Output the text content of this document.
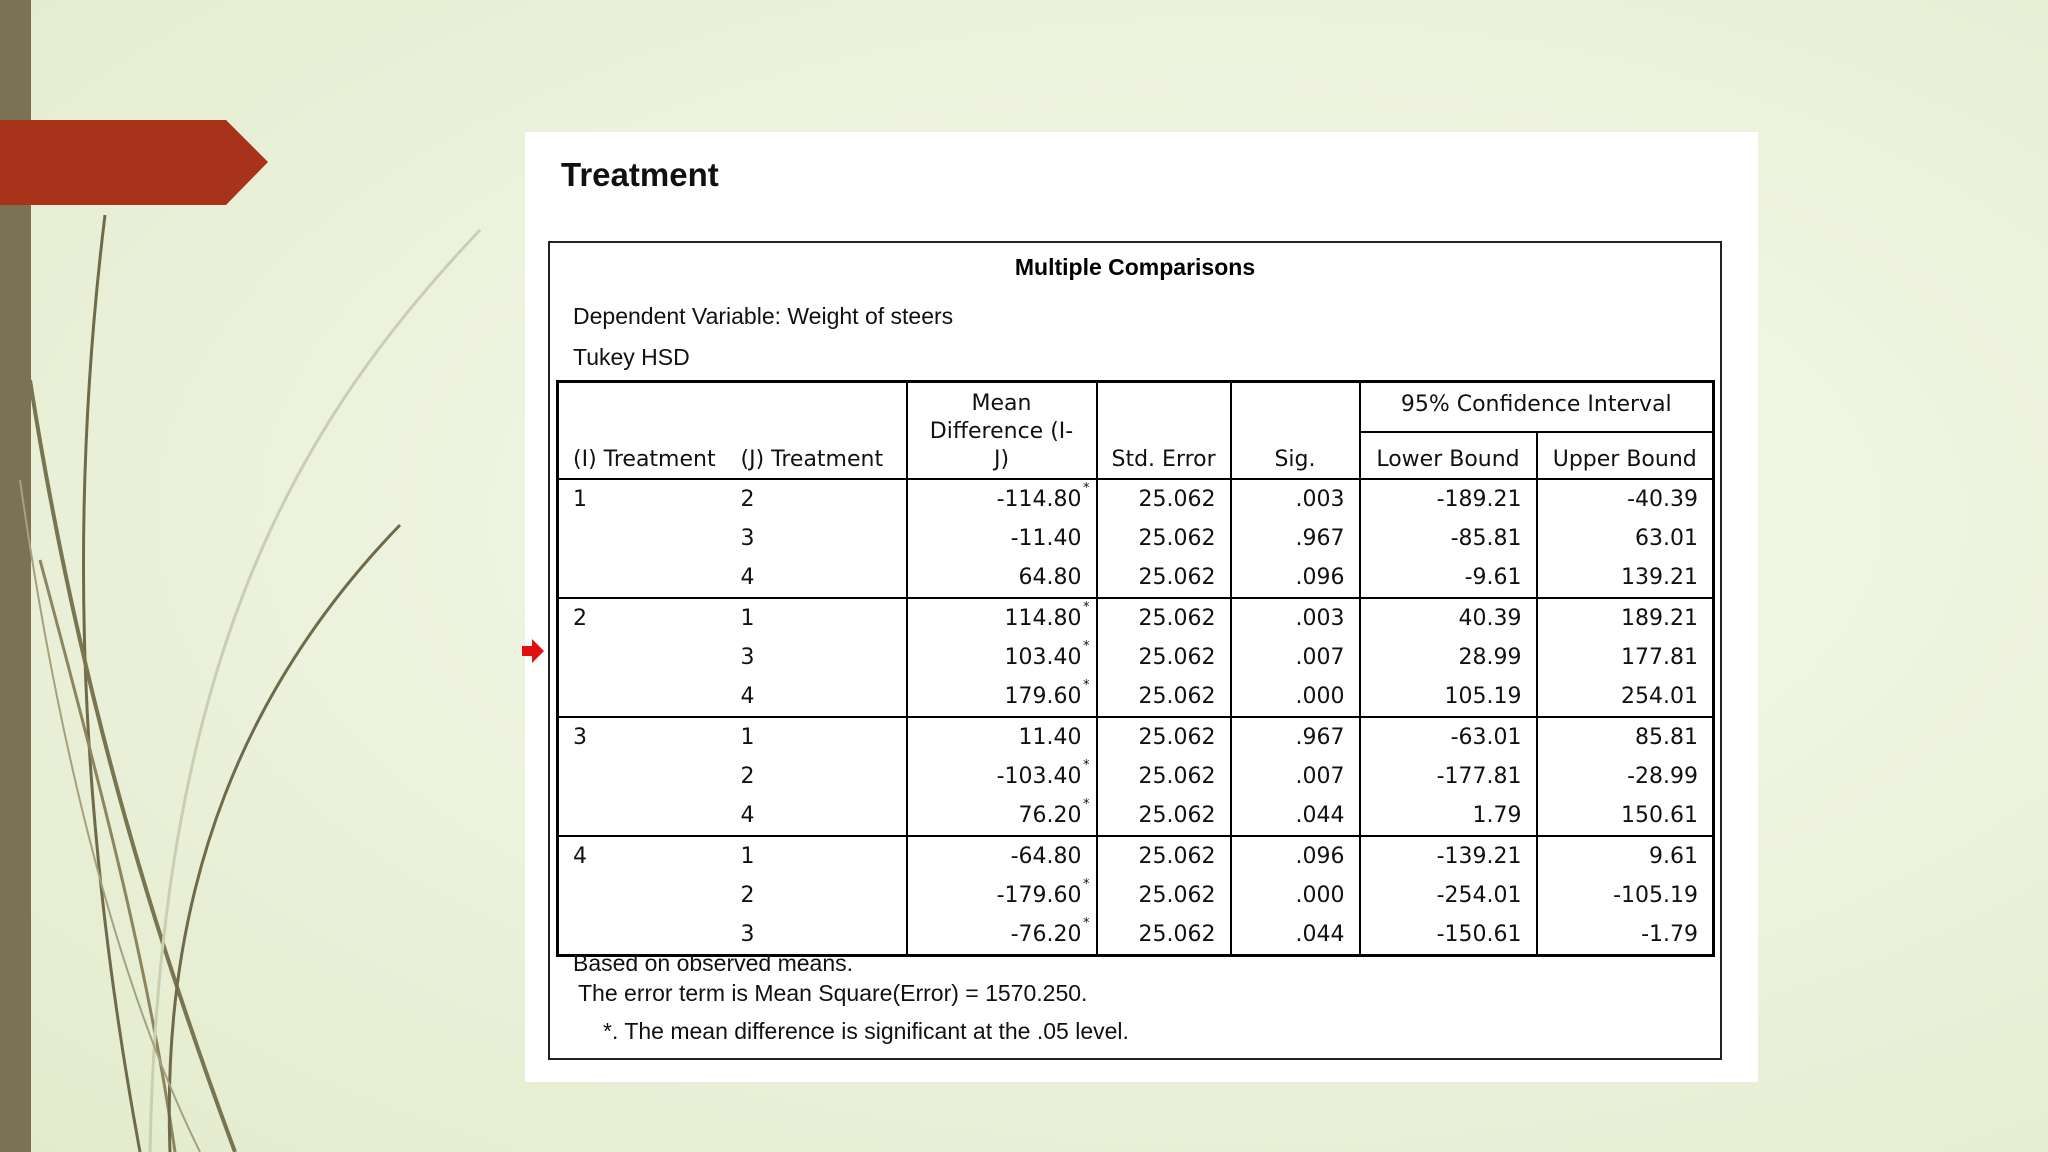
Treatment
Multiple Comparisons
Dependent Variable: Weight of steers
Tukey HSD
(I) Treatment	(J) Treatment	Mean Difference (I-J)	Std. Error	Sig.	95% Confidence Interval	
					Lower Bound	Upper Bound
1	2	-114.80 *	25.062	.003	-189.21	-40.39
	3	-11.40	25.062	.967	-85.81	63.01
	4	64.80	25.062	.096	-9.61	139.21
2	1	114.80 *	25.062	.003	40.39	189.21
	3	103.40 *	25.062	.007	28.99	177.81
	4	179.60 *	25.062	.000	105.19	254.01
3	1	11.40	25.062	.967	-63.01	85.81
	2	-103.40 *	25.062	.007	-177.81	-28.99
	4	76.20 *	25.062	.044	1.79	150.61
4	1	-64.80	25.062	.096	-139.21	9.61
	2	-179.60 *	25.062	.000	-254.01	-105.19
	3	-76.20 *	25.062	.044	-150.61	-1.79
Based on observed means.
The error term is Mean Square(Error) = 1570.250.
*. The mean difference is significant at the .05 level.
